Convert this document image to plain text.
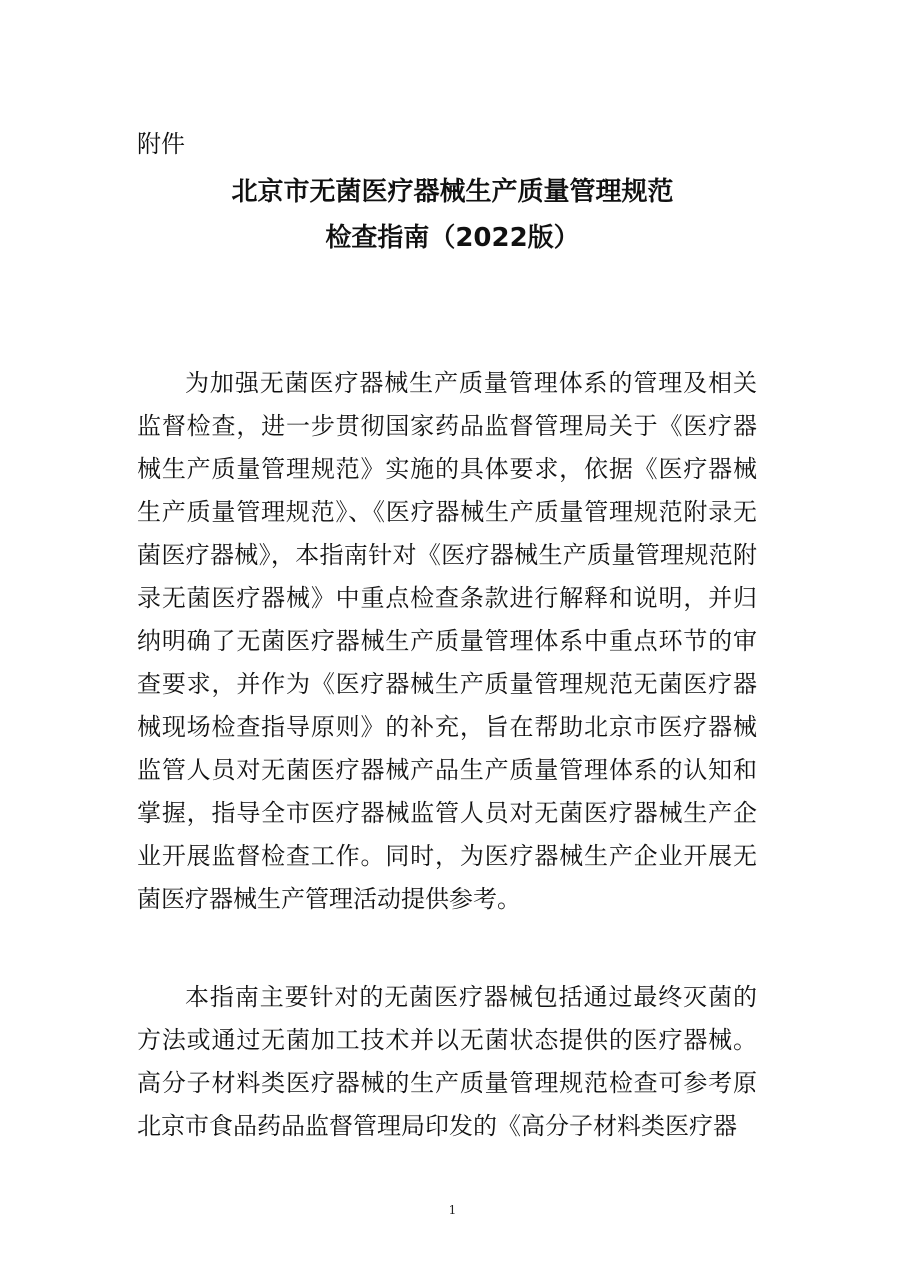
附件
北京市无菌医疗器械生产质量管理规范
检查指南（2022版）
为加强无菌医疗器械生产质量管理体系的管理及相关监督检查，进一步贯彻国家药品监督管理局关于《医疗器械生产质量管理规范》实施的具体要求，依据《医疗器械生产质量管理规范》、《医疗器械生产质量管理规范附录无菌医疗器械》，本指南针对《医疗器械生产质量管理规范附录无菌医疗器械》中重点检查条款进行解释和说明，并归纳明确了无菌医疗器械生产质量管理体系中重点环节的审查要求，并作为《医疗器械生产质量管理规范无菌医疗器械现场检查指导原则》的补充，旨在帮助北京市医疗器械监管人员对无菌医疗器械产品生产质量管理体系的认知和掌握，指导全市医疗器械监管人员对无菌医疗器械生产企业开展监督检查工作。同时，为医疗器械生产企业开展无菌医疗器械生产管理活动提供参考。
本指南主要针对的无菌医疗器械包括通过最终灭菌的方法或通过无菌加工技术并以无菌状态提供的医疗器械。高分子材料类医疗器械的生产质量管理规范检查可参考原北京市食品药品监督管理局印发的《高分子材料类医疗器
1
